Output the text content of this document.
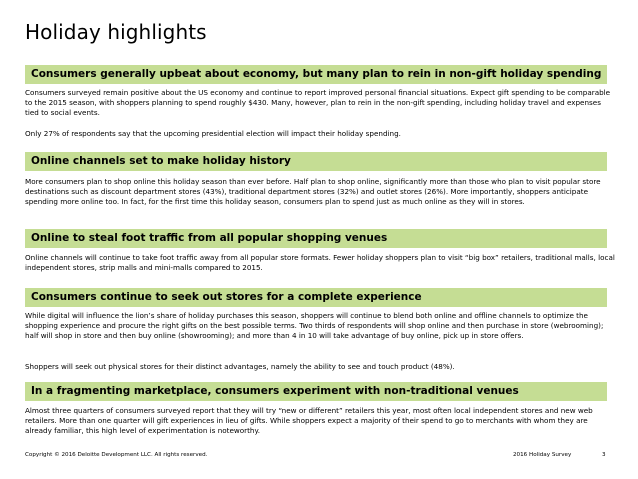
Holiday highlights
Consumers generally upbeat about economy, but many plan to rein in non-gift holiday spending
Consumers surveyed remain positive about the US economy and continue to report improved personal financial situations. Expect gift spending to be comparable to the 2015 season, with shoppers planning to spend roughly $430. Many, however, plan to rein in the non-gift spending, including holiday travel and expenses tied to social events.
Only 27% of respondents say that the upcoming presidential election will impact their holiday spending.
Online channels set to make holiday history
More consumers plan to shop online this holiday season than ever before. Half plan to shop online, significantly more than those who plan to visit popular store destinations such as discount department stores (43%), traditional department stores (32%) and outlet stores (26%). More importantly, shoppers anticipate spending more online too. In fact, for the first time this holiday season, consumers plan to spend just as much online as they will in stores.
Online to steal foot traffic from all popular shopping venues
Online channels will continue to take foot traffic away from all popular store formats. Fewer holiday shoppers plan to visit “big box” retailers, traditional malls, local independent stores, strip malls and mini-malls compared to 2015.
Consumers continue to seek out stores for a complete experience
While digital will influence the lion’s share of holiday purchases this season, shoppers will continue to blend both online and offline channels to optimize the shopping experience and procure the right gifts on the best possible terms. Two thirds of respondents will shop online and then purchase in store (webrooming); half will shop in store and then buy online (showrooming); and more than 4 in 10 will take advantage of buy online, pick up in store offers.
Shoppers will seek out physical stores for their distinct advantages, namely the ability to see and touch product (48%).
In a fragmenting marketplace, consumers experiment with non-traditional venues
Almost three quarters of consumers surveyed report that they will try “new or different” retailers this year, most often local independent stores and new web retailers. More than one quarter will gift experiences in lieu of gifts. While shoppers expect a majority of their spend to go to merchants with whom they are already familiar, this high level of experimentation is noteworthy.
Copyright © 2016 Deloitte Development LLC. All rights reserved.	2016 Holiday Survey	3
